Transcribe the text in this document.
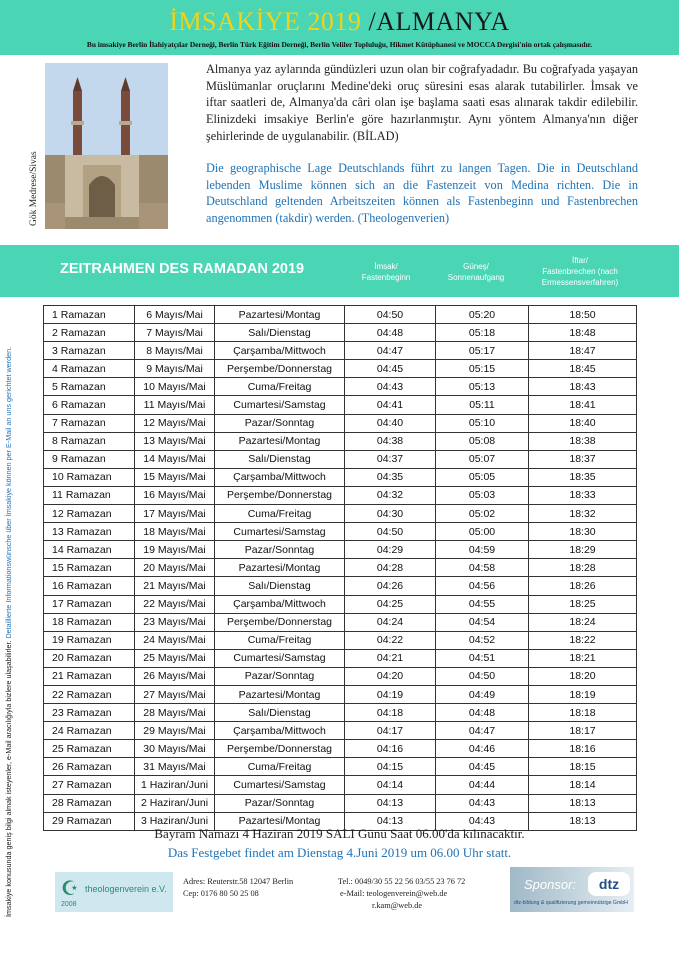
İMSAKİYE 2019 /ALMANYA
Bu imsakiye Berlin İlahiyatçılar Derneği, Berlin Türk Eğitim Derneği, Berlin Veliler Topluluğu, Hikmet Kütüphanesi ve MOCCA Dergisi'nin ortak çalışmasıdır.
Gök Medrese/Sivas

Almanya yaz aylarında gündüzleri uzun olan bir coğrafyadadır. Bu coğrafyada yaşayan Müslümanlar oruçlarını Medine'deki oruç süresini esas alarak tutabilirler. İmsak ve iftar saatleri de, Almanya'da câri olan işe başlama saati esas alınarak takdir edilebilir. Elinizdeki imsakiye Berlin'e göre hazırlanmıştır. Aynı yöntem Almanya'nın diğer şehirlerinde de uygulanabilir. (BİLAD)

Die geographische Lage Deutschlands führt zu langen Tagen. Die in Deutschland lebenden Muslime können sich an die Fastenzeit von Medina richten. Die in Deutschland geltenden Arbeitszeiten können als Fastenbeginn und Fastenbrechen angenommen (takdir) werden. (Theologenverien)

ZEITRAHMEN DES RAMADAN 2019	İmsak/
Fastenbeginn
Güneş/
Sonnenaufgang
İftar/
Fastenbrechen (nach
Ermessensverfahren)
İmsakiye konusunda geniş bilgi almak isteyenler, e-Mail aracılığıyla bizlere ulaşabilirler. Detaillierte Informationswünsche über İmsakiye können per E-Mail an uns gerichtet werden.
1 Ramazan	6 Mayıs/Mai	Pazartesi/Montag	04:50	05:20	18:50
2 Ramazan	7 Mayıs/Mai	Salı/Dienstag	04:48	05:18	18:48
3 Ramazan	8 Mayıs/Mai	Çarşamba/Mittwoch	04:47	05:17	18:47
4 Ramazan	9 Mayıs/Mai	Perşembe/Donnerstag	04:45	05:15	18:45
5 Ramazan	10 Mayıs/Mai	Cuma/Freitag	04:43	05:13	18:43
6 Ramazan	11 Mayıs/Mai	Cumartesi/Samstag	04:41	05:11	18:41
7 Ramazan	12 Mayıs/Mai	Pazar/Sonntag	04:40	05:10	18:40
8 Ramazan	13 Mayıs/Mai	Pazartesi/Montag	04:38	05:08	18:38
9 Ramazan	14 Mayıs/Mai	Salı/Dienstag	04:37	05:07	18:37
10 Ramazan	15 Mayıs/Mai	Çarşamba/Mittwoch	04:35	05:05	18:35
11 Ramazan	16 Mayıs/Mai	Perşembe/Donnerstag	04:32	05:03	18:33
12 Ramazan	17 Mayıs/Mai	Cuma/Freitag	04:30	05:02	18:32
13 Ramazan	18 Mayıs/Mai	Cumartesi/Samstag	04:50	05:00	18:30
14 Ramazan	19 Mayıs/Mai	Pazar/Sonntag	04:29	04:59	18:29
15 Ramazan	20 Mayıs/Mai	Pazartesi/Montag	04:28	04:58	18:28
16 Ramazan	21 Mayıs/Mai	Salı/Dienstag	04:26	04:56	18:26
17 Ramazan	22 Mayıs/Mai	Çarşamba/Mittwoch	04:25	04:55	18:25
18 Ramazan	23 Mayıs/Mai	Perşembe/Donnerstag	04:24	04:54	18:24
19 Ramazan	24 Mayıs/Mai	Cuma/Freitag	04:22	04:52	18:22
20 Ramazan	25 Mayıs/Mai	Cumartesi/Samstag	04:21	04:51	18:21
21 Ramazan	26 Mayıs/Mai	Pazar/Sonntag	04:20	04:50	18:20
22 Ramazan	27 Mayıs/Mai	Pazartesi/Montag	04:19	04:49	18:19
23 Ramazan	28 Mayıs/Mai	Salı/Dienstag	04:18	04:48	18:18
24 Ramazan	29 Mayıs/Mai	Çarşamba/Mittwoch	04:17	04:47	18:17
25 Ramazan	30 Mayıs/Mai	Perşembe/Donnerstag	04:16	04:46	18:16
26 Ramazan	31 Mayıs/Mai	Cuma/Freitag	04:15	04:45	18:15
27 Ramazan	1 Haziran/Juni	Cumartesi/Samstag	04:14	04:44	18:14
28 Ramazan	2 Haziran/Juni	Pazar/Sonntag	04:13	04:43	18:13
29 Ramazan	3 Haziran/Juni	Pazartesi/Montag	04:13	04:43	18:13
Bayram Namazı 4 Haziran 2019 SALI Günü Saat 06.00'da kılınacaktır.
Das Festgebet findet am Dienstag 4.Juni 2019 um 06.00 Uhr statt.
☪ theologenverein e.V.
2008
Adres: Reuterstr.58 12047 Berlin
Cep: 0176 80 50 25 08
Tel.: 0049/30 55 22 56 03/55 23 76 72
e-Mail: teologenverein@web.de
r.kam@web.de
Sponsor:	dtz
dtz-bildung & qualifizierung gemeinnützige GmbH
